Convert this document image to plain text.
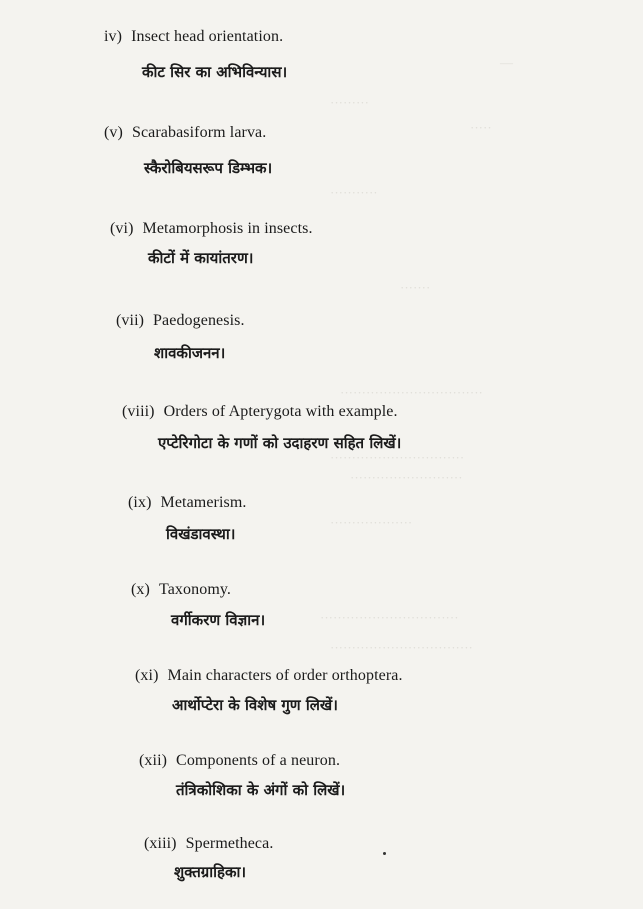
—
·········
·····
···········
·······
·································
·······························
··························
···················
································
·································
iv) Insect head orientation.
कीट सिर का अभिविन्यास।
(v) Scarabasiform larva.
स्कैरोबियसरूप डिम्भक।
(vi) Metamorphosis in insects.
कीटों में कायांतरण।
(vii) Paedogenesis.
शावकीजनन।
(viii) Orders of Apterygota with example.
एप्टेरिगोटा के गणों को उदाहरण सहित लिखें।
(ix) Metamerism.
विखंडावस्था।
(x) Taxonomy.
वर्गीकरण विज्ञान।
(xi) Main characters of order orthoptera.
आर्थोप्टेरा के विशेष गुण लिखें।
(xii) Components of a neuron.
तंत्रिकोशिका के अंगों को लिखें।
(xiii) Spermetheca.
शुक्तग्राहिका।
